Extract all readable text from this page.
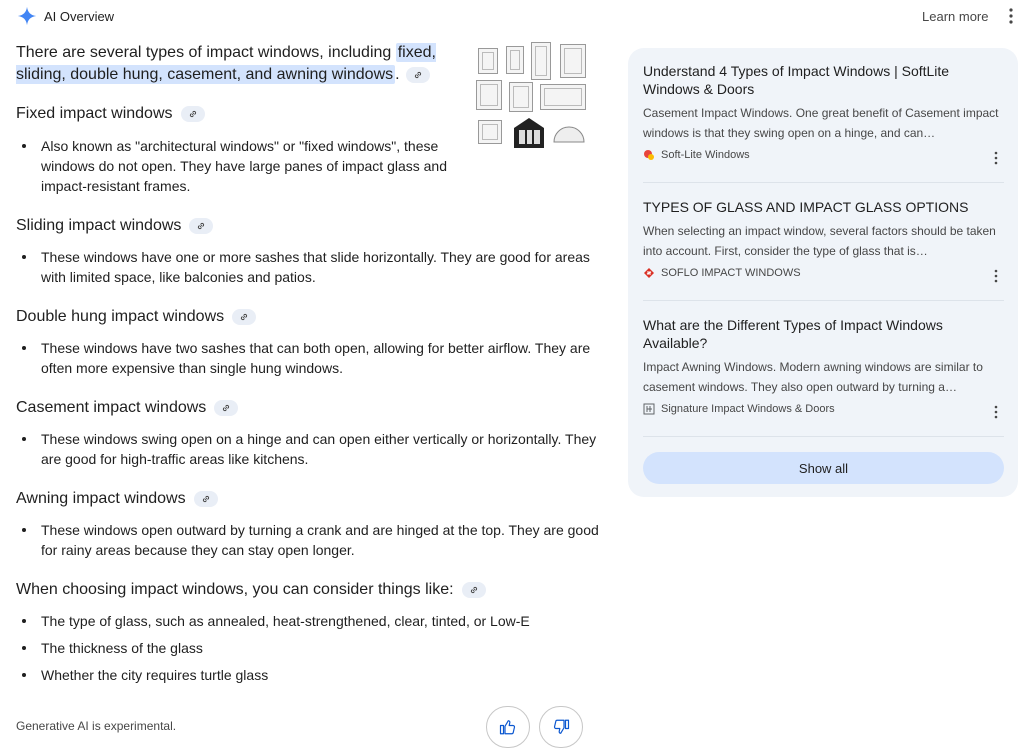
AI Overview	Learn more

There are several types of impact windows, including fixed, sliding, double hung, casement, and awning windows .

Fixed impact windows
Also known as "architectural windows" or "fixed windows", these windows do not open. They have large panes of impact glass and impact-resistant frames.
Sliding impact windows
These windows have one or more sashes that slide horizontally. They are good for areas with limited space, like balconies and patios.
Double hung impact windows
These windows have two sashes that can both open, allowing for better airflow. They are often more expensive than single hung windows.
Casement impact windows
These windows swing open on a hinge and can open either vertically or horizontally. They are good for high-traffic areas like kitchens.
Awning impact windows
These windows open outward by turning a crank and are hinged at the top. They are good for rainy areas because they can stay open longer.
When choosing impact windows, you can consider things like:
The type of glass, such as annealed, heat-strengthened, clear, tinted, or Low-E
The thickness of the glass
Whether the city requires turtle glass
Generative AI is experimental.
Understand 4 Types of Impact Windows | SoftLite Windows & Doors
Casement Impact Windows. One great benefit of Casement impact windows is that they swing open on a hinge, and can…
Soft-Lite Windows
TYPES OF GLASS AND IMPACT GLASS OPTIONS
When selecting an impact window, several factors should be taken into account. First, consider the type of glass that is…
SOFLO IMPACT WINDOWS
What are the Different Types of Impact Windows Available?
Impact Awning Windows. Modern awning windows are similar to casement windows. They also open outward by turning a…
Signature Impact Windows & Doors
Show all
